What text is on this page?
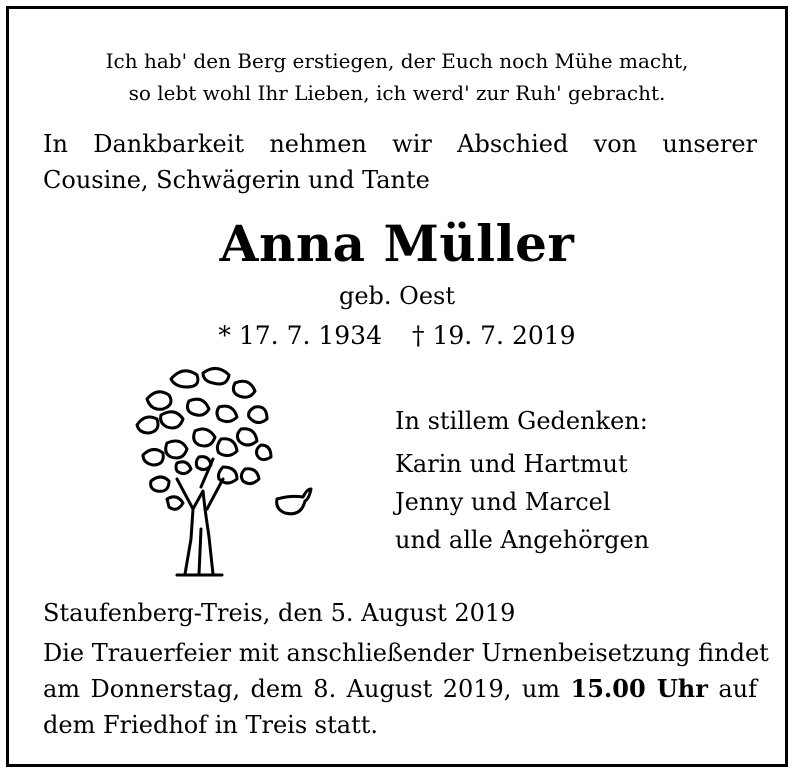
Ich hab' den Berg erstiegen, der Euch noch Mühe macht,
so lebt wohl Ihr Lieben, ich werd' zur Ruh' gebracht.
In Dankbarkeit nehmen wir Abschied von unserer
Cousine, Schwägerin und Tante
Anna Müller
geb. Oest
* 17. 7. 1934 † 19. 7. 2019
In stillem Gedenken:
Karin und Hartmut
Jenny und Marcel
und alle Angehörgen
Staufenberg-Treis, den 5. August 2019
Die Trauerfeier mit anschließender Urnenbeisetzung findet
am Donnerstag, dem 8. August 2019, um 15.00 Uhr auf
dem Friedhof in Treis statt.
